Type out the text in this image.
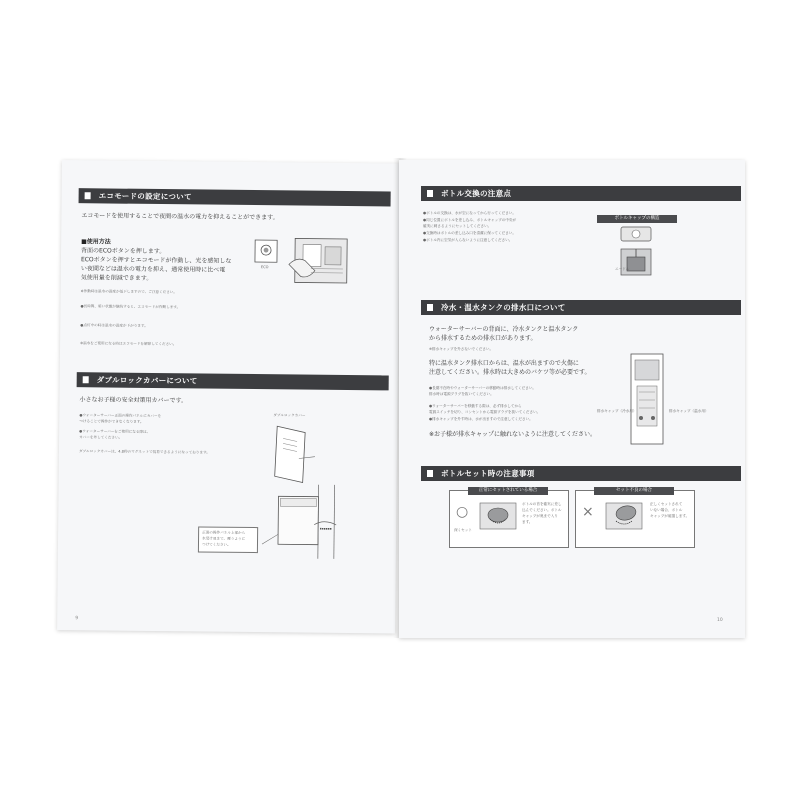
エコモードの設定について
エコモードを使用することで夜間の温水の電力を抑えることができます。
■使用方法
背面のECOボタンを押します。
ECOボタンを押すとエコモードが作動し、光を感知しな
い夜間などは温水の電力を抑え、通常使用時に比べ電
気使用量を削減できます。
ECO
※作動時は温水の温度が低下しますので、ご注意ください。
●長時間、暗い状態が継続すると、エコモードが作動します。
●点灯中の時は温水の温度が下がります。
※温水をご使用になる時はエコモードを解除してください。
ダブルロックカバーについて
小さなお子様の安全対策用カバーです。
●ウォーターサーバー正面の操作パネルにカバーを
つけることで操作ができなくなります。
●ウォーターサーバーをご使用になる際は、
カバーを外してください。
ダブルロックカバーは、4.8秒のマグネットで装着できるようになっております。
ダブルロックカバー
正面の操作パネル上部から
水受け皿まで、覆うように
つけてください。
9
ボトル交換の注意点
●ボトルの交換は、水が空になってから行ってください。
●同じ位置にボトルを差し込み、ボトルキャップの中央が
確実に刺さるようにセットしてください。
●交換時はボトルの差し込み口を清潔に保ってください。
●ボトル内に空気が入らないように注意してください。
ボトルキャップの構造
ニードル
冷水・温水タンクの排水口について
ウォーターサーバーの背面に、冷水タンクと温水タンク
から排水するための排水口があります。
※排水キャップを外さないでください。
特に温水タンク排水口からは、温水が出ますので火傷に
注意してください。排水時は大きめのバケツ等が必要です。
●長期不在時やウォーターサーバーの移動時は排水してください。
排水時は電源プラグを抜いてください。
●ウォーターサーバーを移動する際は、必ず排水してから
電源スイッチを切り、コンセントから電源プラグを抜いてください。
●排水キャップを外す時は、水が出ますので注意してください。
※お子様が排水キャップに触れないように注意してください。
排水キャップ（冷水用）	排水キャップ（温水用）
ボトルセット時の注意事項
正常にセットされている場合
○
深くセット
ボトルの首を確実に差し
込んでください。ボトル
キャップが奥まで入り
ます。
セット不良の場合
×	正しくセットされて
いない場合、ボトル
キャップが破損します。
10
